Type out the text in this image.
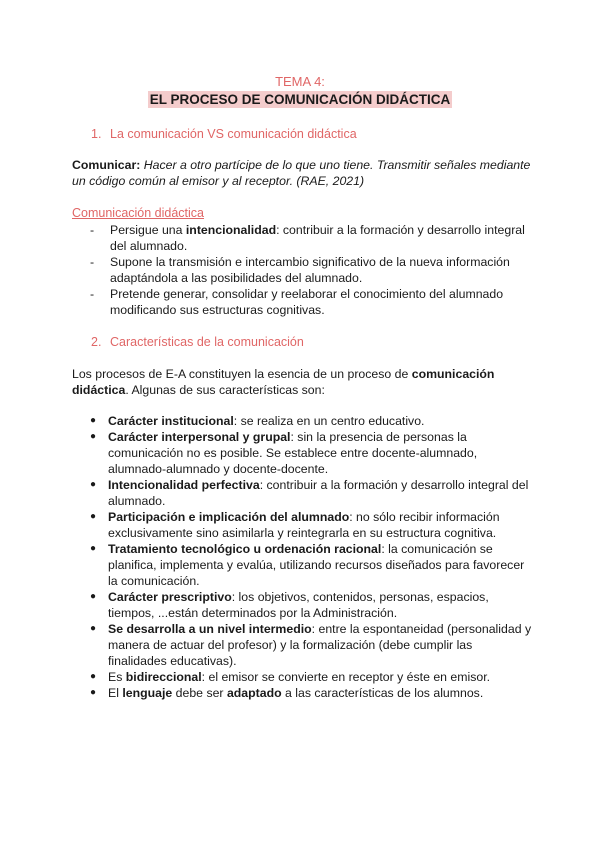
TEMA 4:
EL PROCESO DE COMUNICACIÓN DIDÁCTICA
1. La comunicación VS comunicación didáctica
Comunicar: Hacer a otro partícipe de lo que uno tiene. Transmitir señales mediante un código común al emisor y al receptor. (RAE, 2021)
Comunicación didáctica
- Persigue una intencionalidad: contribuir a la formación y desarrollo integral del alumnado.
- Supone la transmisión e intercambio significativo de la nueva información adaptándola a las posibilidades del alumnado.
- Pretende generar, consolidar y reelaborar el conocimiento del alumnado modificando sus estructuras cognitivas.
2. Características de la comunicación
Los procesos de E-A constituyen la esencia de un proceso de comunicación didáctica. Algunas de sus características son:
● Carácter institucional: se realiza en un centro educativo.
● Carácter interpersonal y grupal: sin la presencia de personas la comunicación no es posible. Se establece entre docente-alumnado, alumnado-alumnado y docente-docente.
● Intencionalidad perfectiva: contribuir a la formación y desarrollo integral del alumnado.
● Participación e implicación del alumnado: no sólo recibir información exclusivamente sino asimilarla y reintegrarla en su estructura cognitiva.
● Tratamiento tecnológico u ordenación racional: la comunicación se planifica, implementa y evalúa, utilizando recursos diseñados para favorecer la comunicación.
● Carácter prescriptivo: los objetivos, contenidos, personas, espacios, tiempos, ...están determinados por la Administración.
● Se desarrolla a un nivel intermedio: entre la espontaneidad (personalidad y manera de actuar del profesor) y la formalización (debe cumplir las finalidades educativas).
● Es bidireccional: el emisor se convierte en receptor y éste en emisor.
● El lenguaje debe ser adaptado a las características de los alumnos.
